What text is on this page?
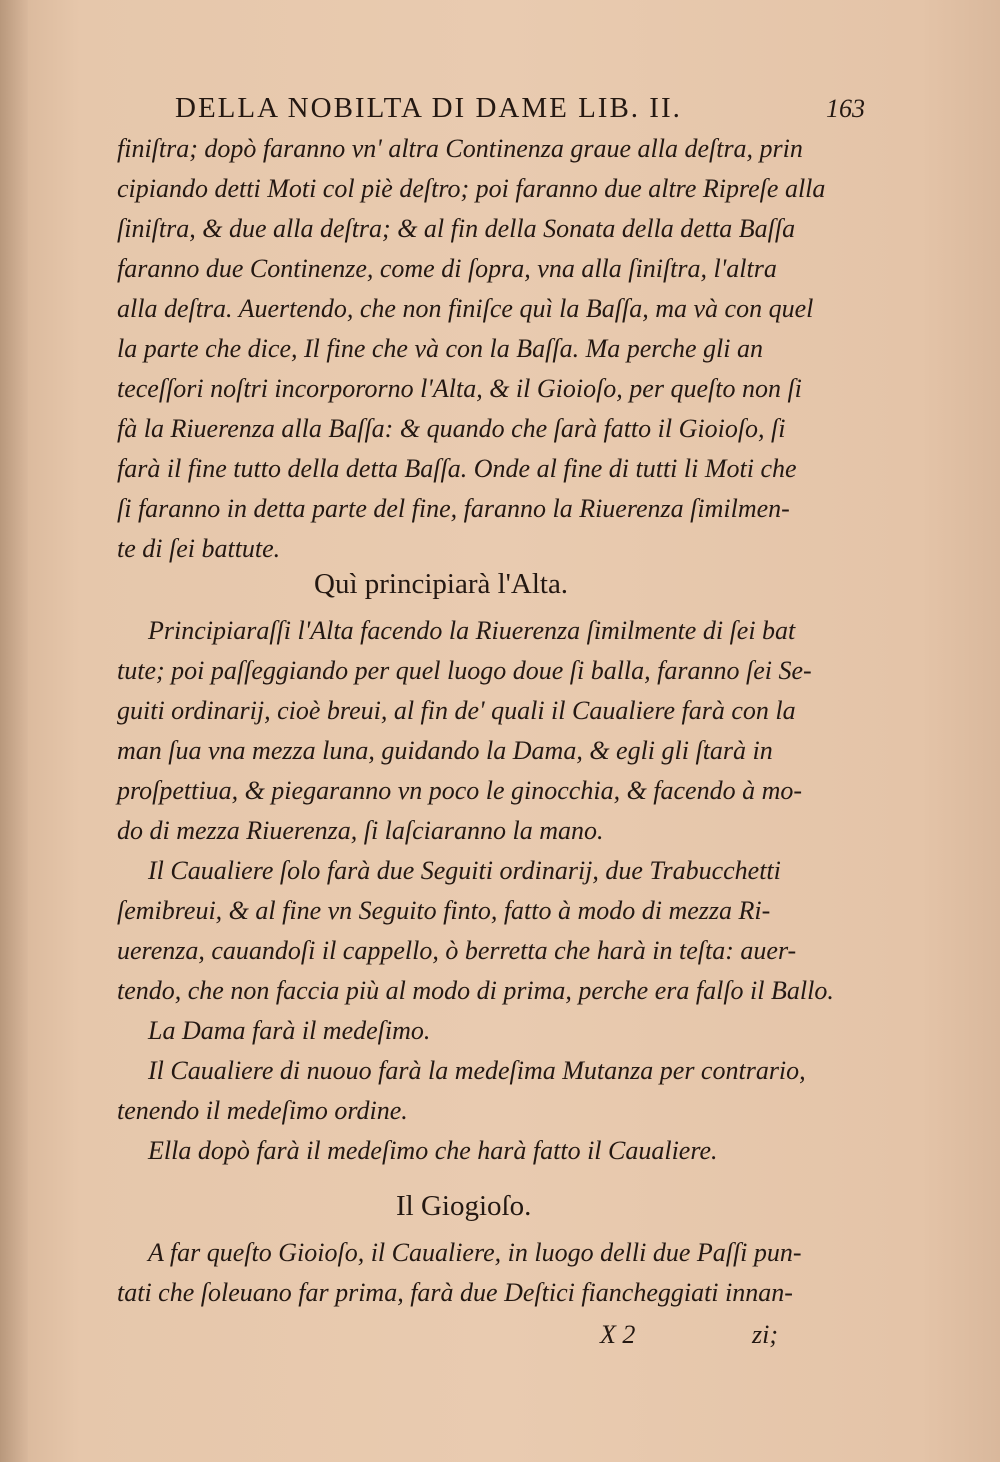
DELLA NOBILTA DI DAME LIB. II.	163
finiſtra; dopò faranno vn' altra Continenza graue alla deſtra, prin
cipiando detti Moti col piè deſtro; poi faranno due altre Ripreſe alla
ſiniſtra, & due alla deſtra; & al fin della Sonata della detta Baſſa
faranno due Continenze, come di ſopra, vna alla ſiniſtra, l'altra
alla deſtra. Auertendo, che non finiſce quì la Baſſa, ma và con quel
la parte che dice, Il fine che và con la Baſſa. Ma perche gli an
teceſſori noſtri incorpororno l'Alta, & il Gioioſo, per queſto non ſi
fà la Riuerenza alla Baſſa: & quando che ſarà fatto il Gioioſo, ſi
farà il fine tutto della detta Baſſa. Onde al fine di tutti li Moti che
ſi faranno in detta parte del fine, faranno la Riuerenza ſimilmen-
te di ſei battute.
Quì principiarà l'Alta.
Principiaraſſi l'Alta facendo la Riuerenza ſimilmente di ſei bat
tute; poi paſſeggiando per quel luogo doue ſi balla, faranno ſei Se-
guiti ordinarij, cioè breui, al fin de' quali il Caualiere farà con la
man ſua vna mezza luna, guidando la Dama, & egli gli ſtarà in
proſpettiua, & piegaranno vn poco le ginocchia, & facendo à mo-
do di mezza Riuerenza, ſi laſciaranno la mano.
Il Caualiere ſolo farà due Seguiti ordinarij, due Trabucchetti
ſemibreui, & al fine vn Seguito finto, fatto à modo di mezza Ri-
uerenza, cauandoſi il cappello, ò berretta che harà in teſta: auer-
tendo, che non faccia più al modo di prima, perche era falſo il Ballo.
La Dama farà il medeſimo.
Il Caualiere di nuouo farà la medeſima Mutanza per contrario,
tenendo il medeſimo ordine.
Ella dopò farà il medeſimo che harà fatto il Caualiere.
Il Giogioſo.
A far queſto Gioioſo, il Caualiere, in luogo delli due Paſſi pun-
tati che ſoleuano far prima, farà due Deſtici fiancheggiati innan-
X 2	zi;
